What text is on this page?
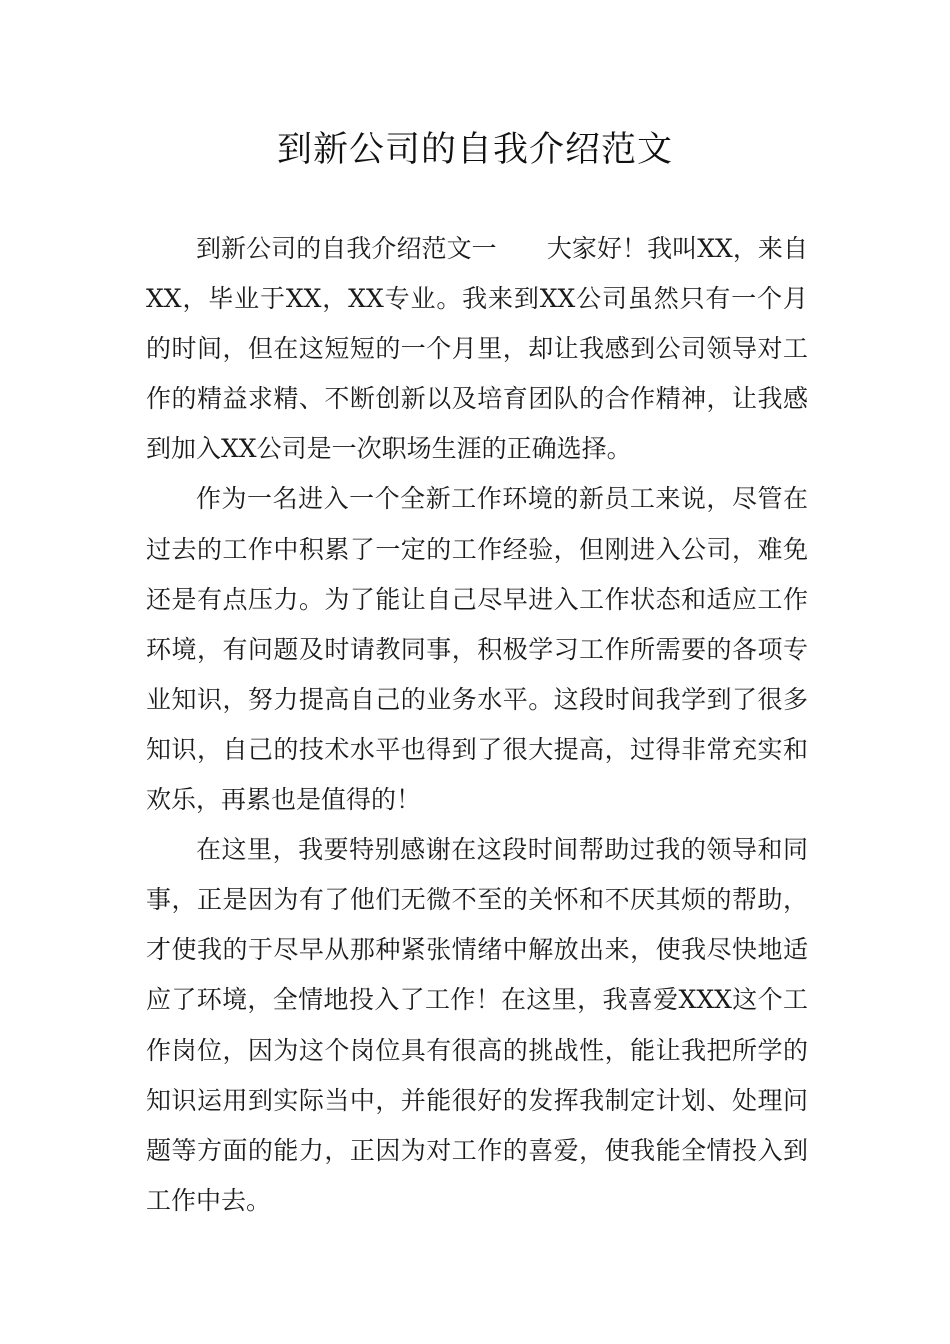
到新公司的自我介绍范文

到新公司的自我介绍范文一　　大家好！我叫XX，来自XX，毕业于XX，XX专业。我来到XX公司虽然只有一个月的时间，但在这短短的一个月里，却让我感到公司领导对工作的精益求精、不断创新以及培育团队的合作精神，让我感到加入XX公司是一次职场生涯的正确选择。

作为一名进入一个全新工作环境的新员工来说，尽管在过去的工作中积累了一定的工作经验，但刚进入公司，难免还是有点压力。为了能让自己尽早进入工作状态和适应工作环境，有问题及时请教同事，积极学习工作所需要的各项专业知识，努力提高自己的业务水平。这段时间我学到了很多知识，自己的技术水平也得到了很大提高，过得非常充实和欢乐，再累也是值得的！

在这里，我要特别感谢在这段时间帮助过我的领导和同事，正是因为有了他们无微不至的关怀和不厌其烦的帮助，才使我的于尽早从那种紧张情绪中解放出来，使我尽快地适应了环境，全情地投入了工作！在这里，我喜爱XXX这个工作岗位，因为这个岗位具有很高的挑战性，能让我把所学的知识运用到实际当中，并能很好的发挥我制定计划、处理问题等方面的能力，正因为对工作的喜爱，使我能全情投入到工作中去。
